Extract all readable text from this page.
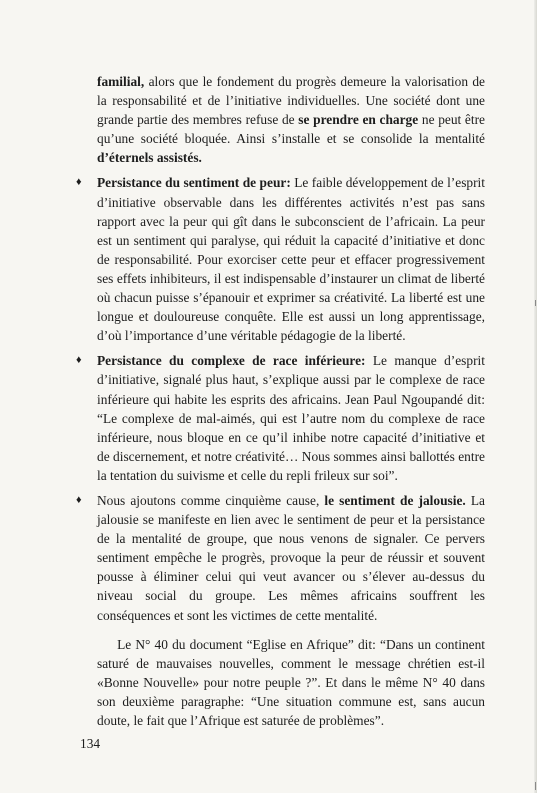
familial, alors que le fondement du progrès demeure la valorisation de la responsabilité et de l’initiative individuelles. Une société dont une grande partie des membres refuse de se prendre en charge ne peut être qu’une société bloquée. Ainsi s’installe et se consolide la mentalité d’éternels assistés.

♦ Persistance du sentiment de peur: Le faible développement de l’esprit d’initiative observable dans les différentes activités n’est pas sans rapport avec la peur qui gît dans le subconscient de l’africain. La peur est un sentiment qui paralyse, qui réduit la capacité d’initiative et donc de responsabilité. Pour exorciser cette peur et effacer progressivement ses effets inhibiteurs, il est indispensable d’instaurer un climat de liberté où chacun puisse s’épanouir et exprimer sa créativité. La liberté est une longue et douloureuse conquête. Elle est aussi un long apprentissage, d’où l’importance d’une véritable pédagogie de la liberté.

♦ Persistance du complexe de race inférieure: Le manque d’esprit d’initiative, signalé plus haut, s’explique aussi par le complexe de race inférieure qui habite les esprits des africains. Jean Paul Ngoupandé dit: “Le complexe de mal-aimés, qui est l’autre nom du complexe de race inférieure, nous bloque en ce qu’il inhibe notre capacité d’initiative et de discernement, et notre créativité… Nous sommes ainsi ballottés entre la tentation du suivisme et celle du repli frileux sur soi”.

♦ Nous ajoutons comme cinquième cause, le sentiment de jalousie. La jalousie se manifeste en lien avec le sentiment de peur et la persistance de la mentalité de groupe, que nous venons de signaler. Ce pervers sentiment empêche le progrès, provoque la peur de réussir et souvent pousse à éliminer celui qui veut avancer ou s’élever au-dessus du niveau social du groupe. Les mêmes africains souffrent les conséquences et sont les victimes de cette mentalité.

  Le N° 40 du document “Eglise en Afrique” dit: “Dans un continent saturé de mauvaises nouvelles, comment le message chrétien est-il «Bonne Nouvelle» pour notre peuple ?”. Et dans le même N° 40 dans son deuxième paragraphe: “Une situation commune est, sans aucun doute, le fait que l’Afrique est saturée de problèmes”.

134
